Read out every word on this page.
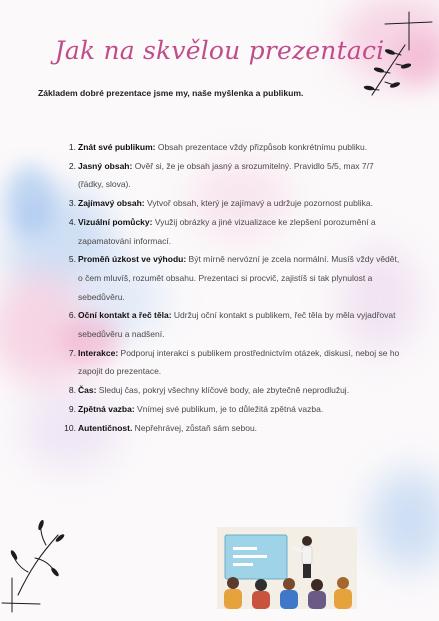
Jak na skvělou prezentaci
Základem dobré prezentace jsme my, naše myšlenka a publikum.
1. Znát své publikum: Obsah prezentace vždy přizpůsob konkrétnímu publiku.
2. Jasný obsah: Ověř si, že je obsah jasný a srozumitelný. Pravidlo 5/5, max 7/7 (řádky, slova).
3. Zajímavý obsah: Vytvoř obsah, který je zajímavý a udržuje pozornost publika.
4. Vizuální pomůcky: Využij obrázky a jiné vizualizace ke zlepšení porozumění a zapamatování informací.
5. Proměň úzkost ve výhodu: Být mírně nervózní je zcela normální. Musíš vždy vědět, o čem mluvíš, rozumět obsahu. Prezentaci si procvič, zajistíš si tak plynulost a sebedůvěru.
6. Oční kontakt a řeč těla: Udržuj oční kontakt s publikem, řeč těla by měla vyjadřovat sebedůvěru a nadšení.
7. Interakce: Podporuj interakci s publikem prostřednictvím otázek, diskusí, neboj se ho zapojit do prezentace.
8. Čas: Sleduj čas, pokryj všechny klíčové body, ale zbytečně neprodlužuj.
9. Zpětná vazba: Vnímej své publikum, je to důležitá zpětná vazba.
10. Autentičnost. Nepřehrávej, zůstaň sám sebou.
